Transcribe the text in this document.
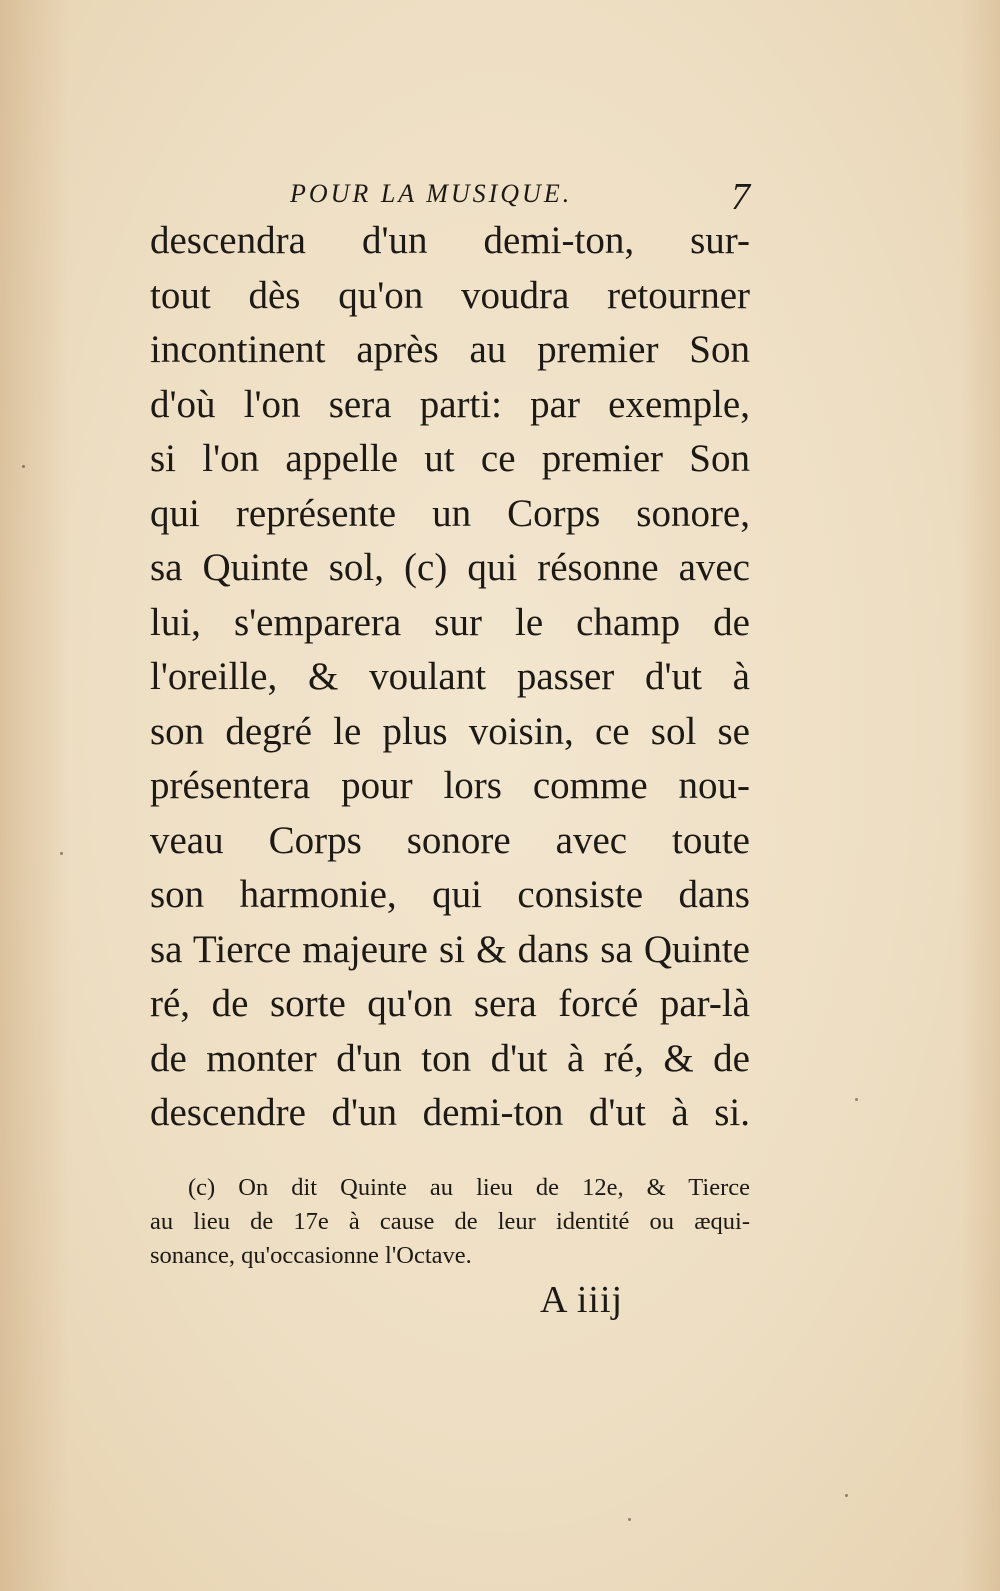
POUR LA MUSIQUE.	7
descendra d'un demi-ton, sur-
tout dès qu'on voudra retourner
incontinent après au premier Son
d'où l'on sera parti: par exemple,
si l'on appelle ut ce premier Son
qui représente un Corps sonore,
sa Quinte sol, (c) qui résonne avec
lui, s'emparera sur le champ de
l'oreille, & voulant passer d'ut à
son degré le plus voisin, ce sol se
présentera pour lors comme nou-
veau Corps sonore avec toute
son harmonie, qui consiste dans
sa Tierce majeure si & dans sa Quinte
ré, de sorte qu'on sera forcé par-là
de monter d'un ton d'ut à ré, & de
descendre d'un demi-ton d'ut à si.
(c) On dit Quinte au lieu de 12e, & Tierce
au lieu de 17e à cause de leur identité ou æqui-
sonance, qu'occasionne l'Octave.
A iiij
